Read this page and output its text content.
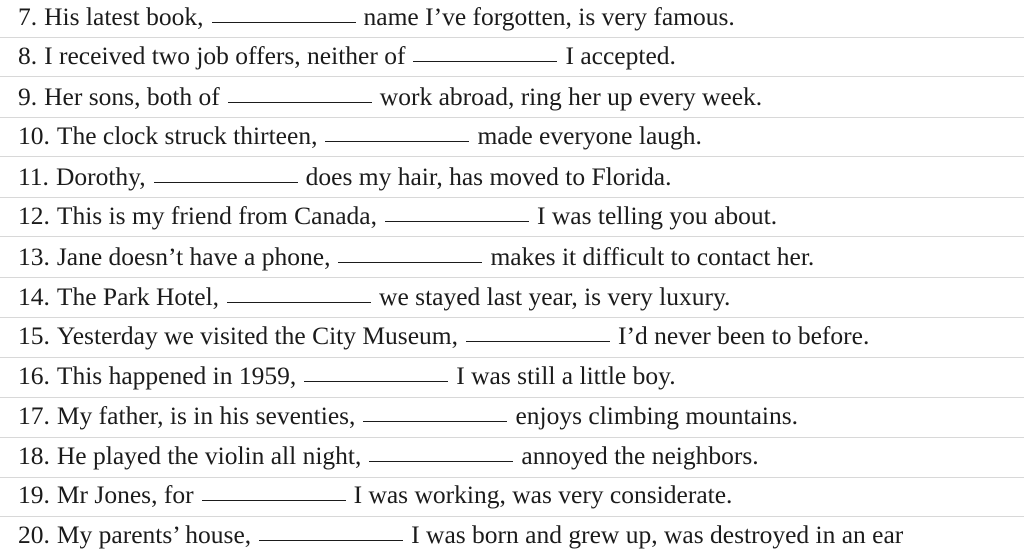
7. His latest book,	name I’ve forgotten, is very famous.
8. I received two job offers, neither of	I accepted.
9. Her sons, both of	work abroad, ring her up every week.
10. The clock struck thirteen,	made everyone laugh.
11. Dorothy,	does my hair, has moved to Florida.
12. This is my friend from Canada,	I was telling you about.
13. Jane doesn’t have a phone,	makes it difficult to contact her.
14. The Park Hotel,	we stayed last year, is very luxury.
15. Yesterday we visited the City Museum,	I’d never been to before.
16. This happened in 1959,	I was still a little boy.
17. My father, is in his seventies,	enjoys climbing mountains.
18. He played the violin all night,	annoyed the neighbors.
19. Mr Jones, for	I was working, was very considerate.
20. My parents’ house,	I was born and grew up, was destroyed in an ear
